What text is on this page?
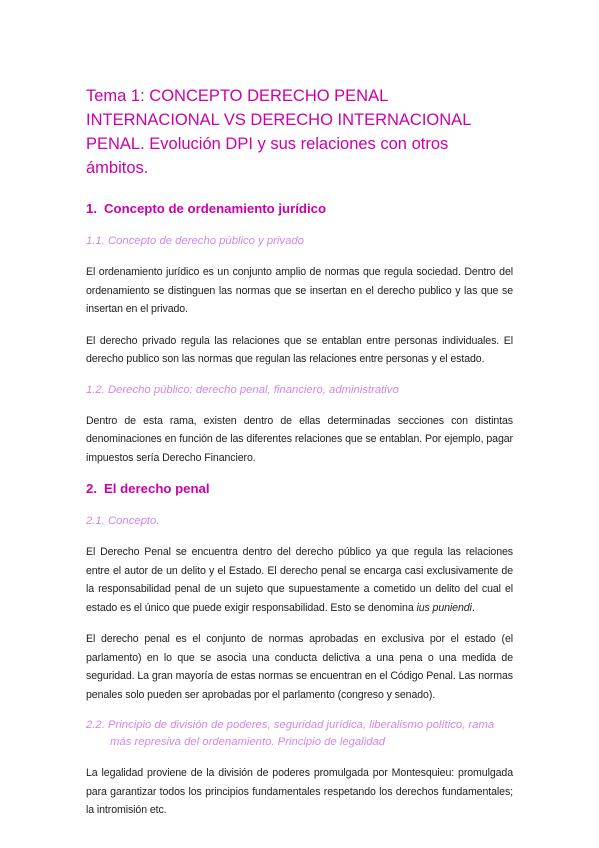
Tema 1: CONCEPTO DERECHO PENAL INTERNACIONAL VS DERECHO INTERNACIONAL PENAL. Evolución DPI y sus relaciones con otros ámbitos.
1. Concepto de ordenamiento jurídico
1.1. Concepto de derecho público y privado

El ordenamiento jurídico es un conjunto amplio de normas que regula sociedad. Dentro del ordenamiento se distinguen las normas que se insertan en el derecho publico y las que se insertan en el privado.

El derecho privado regula las relaciones que se entablan entre personas individuales. El derecho publico son las normas que regulan las relaciones entre personas y el estado.

1.2. Derecho público: derecho penal, financiero, administrativo

Dentro de esta rama, existen dentro de ellas determinadas secciones con distintas denominaciones en función de las diferentes relaciones que se entablan. Por ejemplo, pagar impuestos sería Derecho Financiero.

2. El derecho penal
2.1. Concepto.

El Derecho Penal se encuentra dentro del derecho público ya que regula las relaciones entre el autor de un delito y el Estado. El derecho penal se encarga casi exclusivamente de la responsabilidad penal de un sujeto que supuestamente a cometido un delito del cual el estado es el único que puede exigir responsabilidad. Esto se denomina ius puniendi.

El derecho penal es el conjunto de normas aprobadas en exclusiva por el estado (el parlamento) en lo que se asocia una conducta delictiva a una pena o una medida de seguridad. La gran mayoría de estas normas se encuentran en el Código Penal. Las normas penales solo pueden ser aprobadas por el parlamento (congreso y senado).

2.2. Principio de división de poderes, seguridad jurídica, liberalismo político, rama más represiva del ordenamiento. Principio de legalidad

La legalidad proviene de la división de poderes promulgada por Montesquieu: promulgada para garantizar todos los principios fundamentales respetando los derechos fundamentales; la intromisión etc.
